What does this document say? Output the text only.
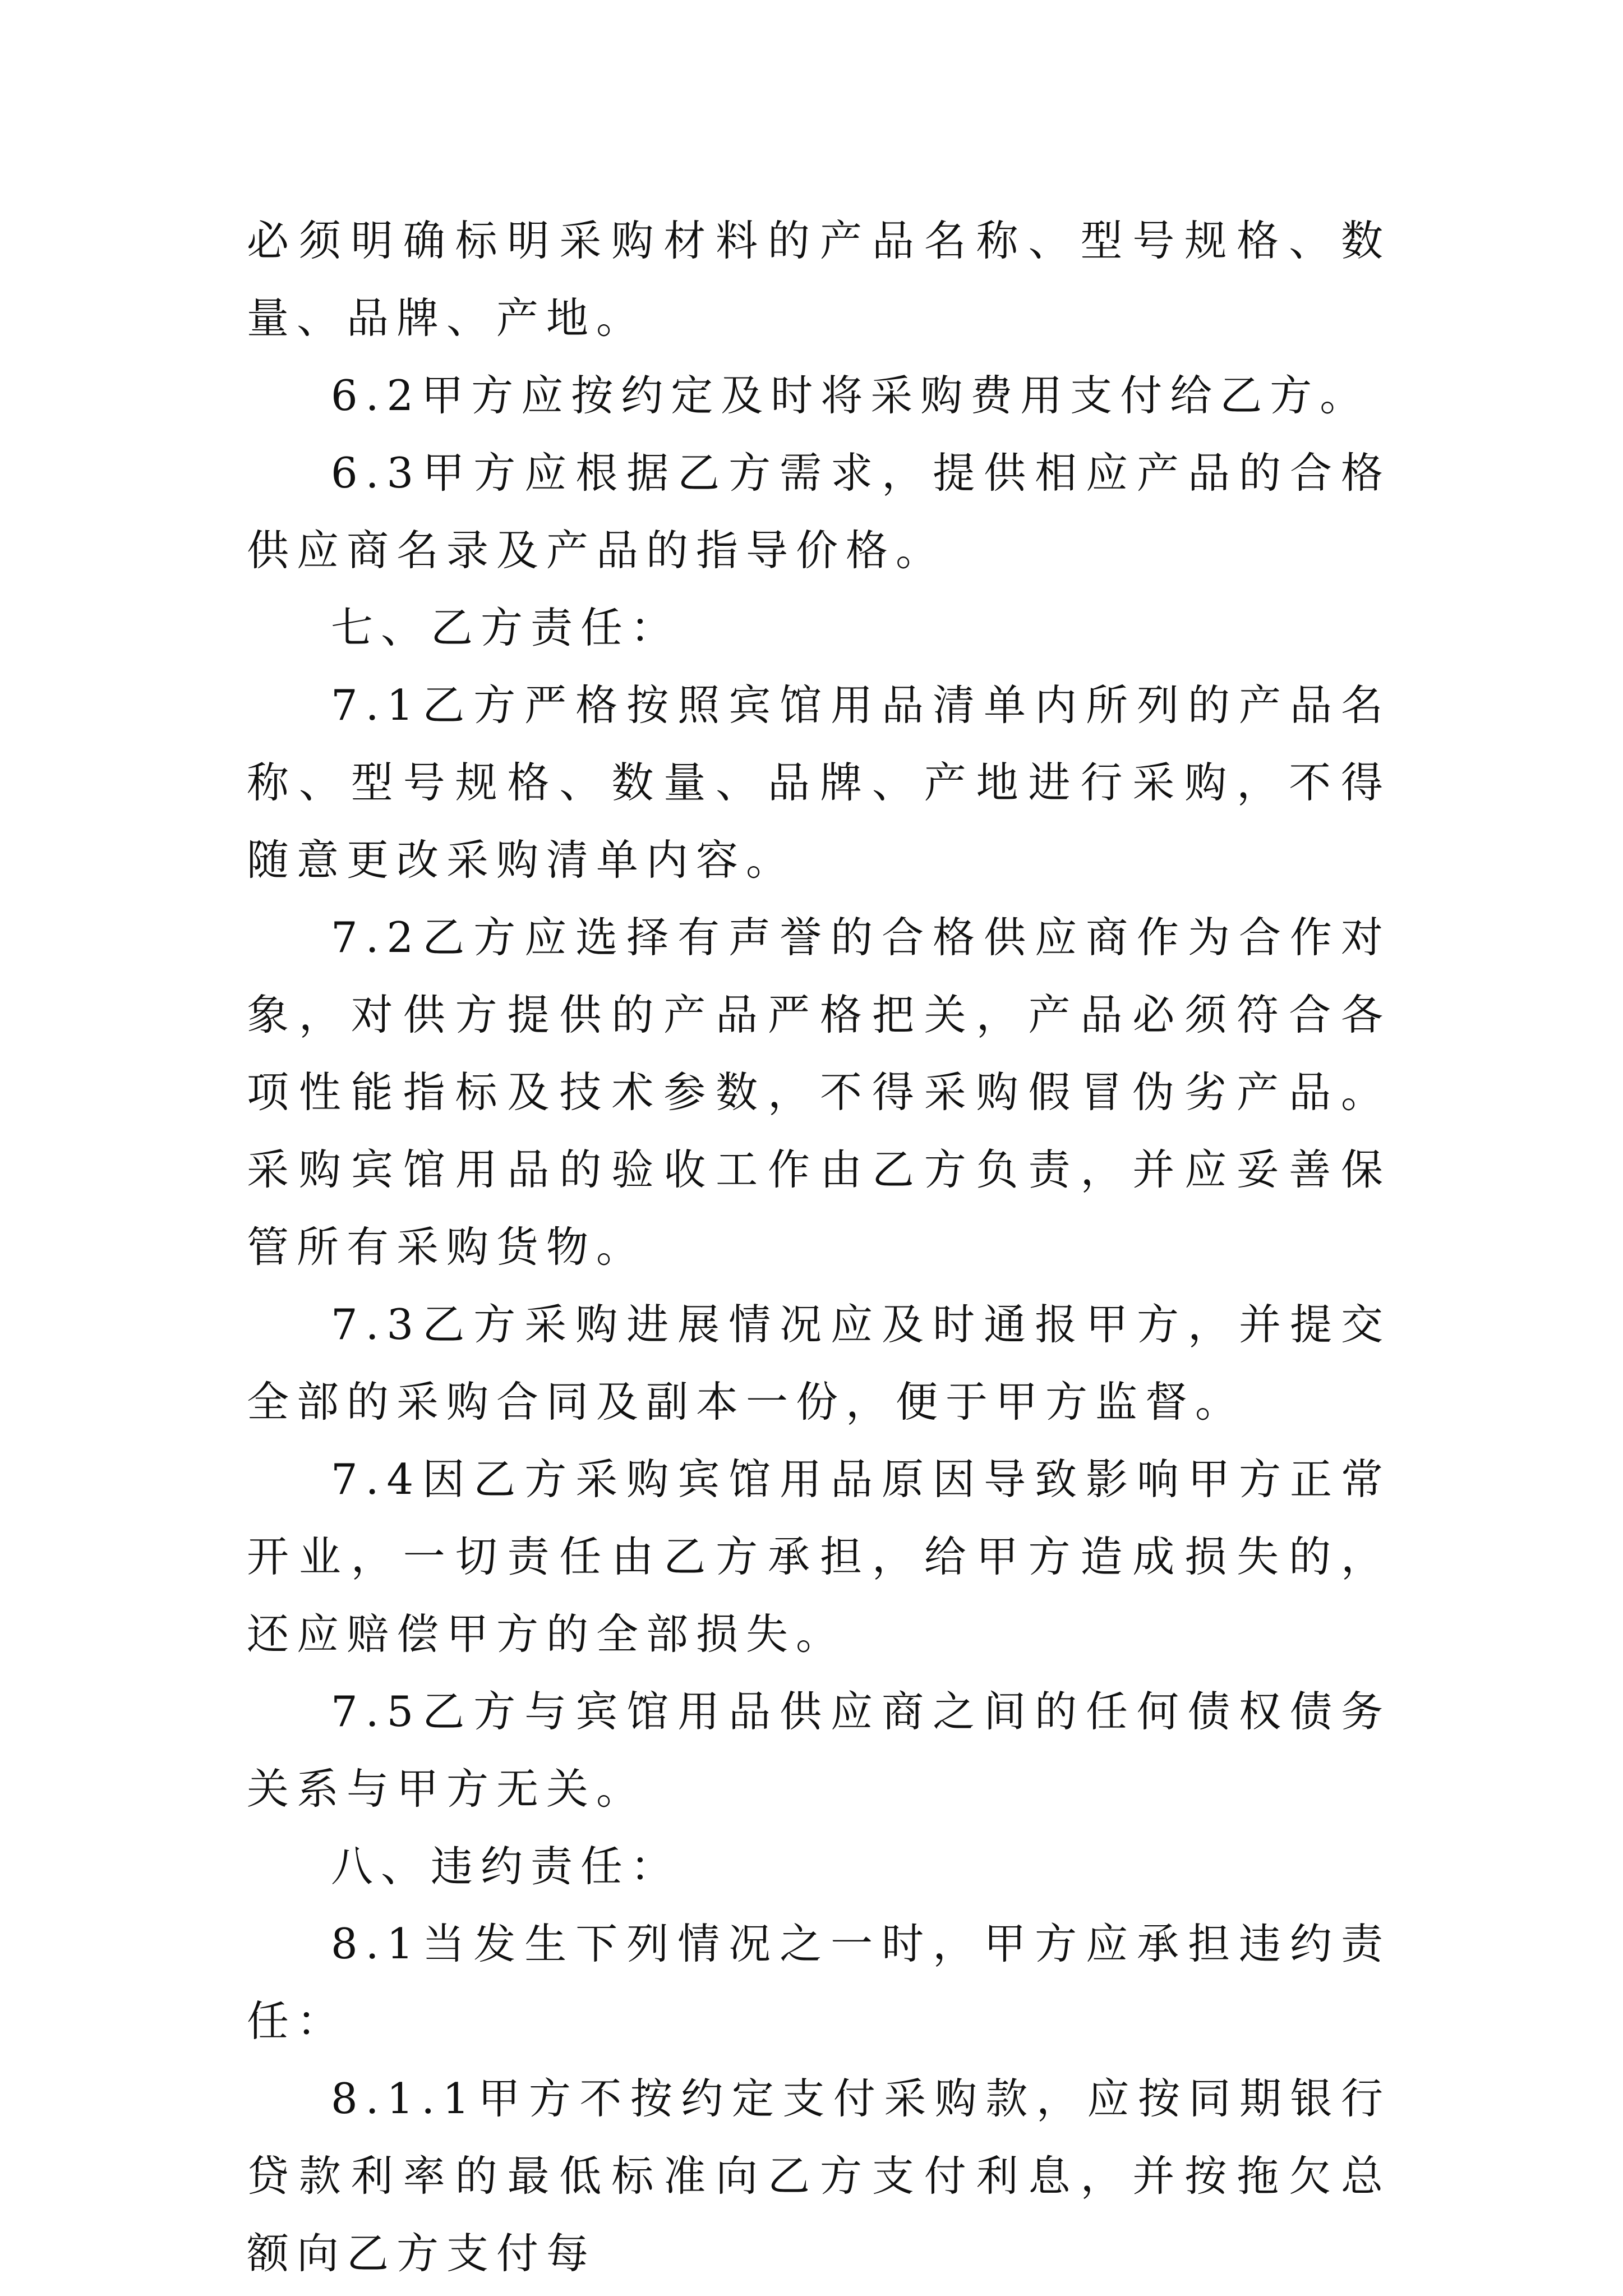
必须明确标明采购材料的产品名称、型号规格、数量、品牌、产地。

6.2甲方应按约定及时将采购费用支付给乙方。

6.3甲方应根据乙方需求，提供相应产品的合格供应商名录及产品的指导价格。

七、乙方责任：

7.1乙方严格按照宾馆用品清单内所列的产品名称、型号规格、数量、品牌、产地进行采购，不得随意更改采购清单内容。

7.2乙方应选择有声誉的合格供应商作为合作对象，对供方提供的产品严格把关，产品必须符合各项性能指标及技术参数，不得采购假冒伪劣产品。采购宾馆用品的验收工作由乙方负责，并应妥善保管所有采购货物。

7.3乙方采购进展情况应及时通报甲方，并提交全部的采购合同及副本一份，便于甲方监督。

7.4因乙方采购宾馆用品原因导致影响甲方正常开业，一切责任由乙方承担，给甲方造成损失的，还应赔偿甲方的全部损失。

7.5乙方与宾馆用品供应商之间的任何债权债务关系与甲方无关。

八、违约责任：

8.1当发生下列情况之一时，甲方应承担违约责任：

8.1.1甲方不按约定支付采购款，应按同期银行贷款利率的最低标准向乙方支付利息，并按拖欠总额向乙方支付每
